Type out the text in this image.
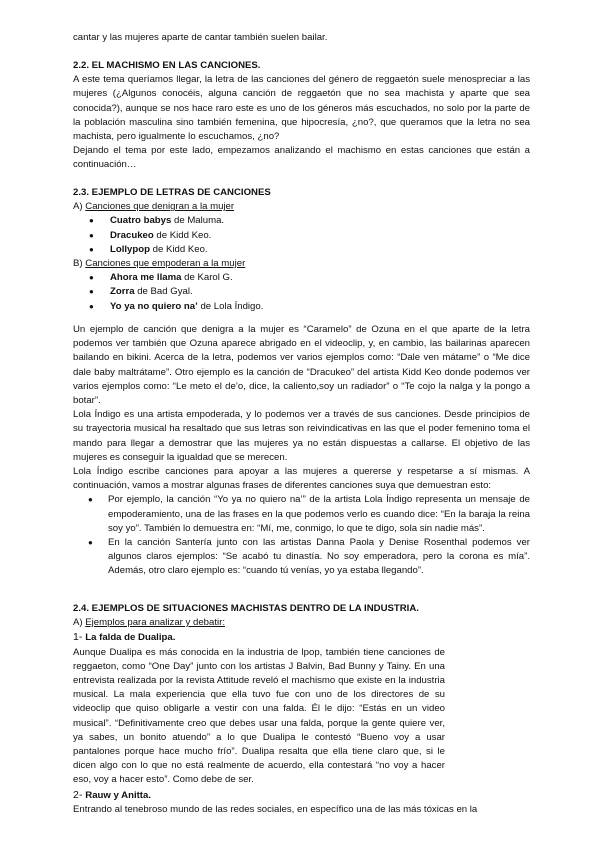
cantar y las mujeres aparte de cantar también suelen bailar.

2.2. EL MACHISMO EN LAS CANCIONES.

A este tema queríamos llegar, la letra de las canciones del género de reggaetón suele menospreciar a las mujeres (¿Algunos conocéis, alguna canción de reggaetón que no sea machista y aparte que sea conocida?), aunque se nos hace raro este es uno de los géneros más escuchados, no solo por la parte de la población masculina sino también femenina, que hipocresía, ¿no?, que queramos que la letra no sea machista, pero igualmente lo escuchamos, ¿no?

Dejando el tema por este lado, empezamos analizando el machismo en estas canciones que están a continuación…

2.3. EJEMPLO DE LETRAS DE CANCIONES

A) Canciones que denigran a la mujer

● Cuatro babys de Maluma.
● Dracukeo de Kidd Keo.
● Lollypop de Kidd Keo.

B) Canciones que empoderan a la mujer

● Ahora me llama de Karol G.
● Zorra de Bad Gyal.
● Yo ya no quiero na’ de Lola Índigo.

Un ejemplo de canción que denigra a la mujer es “Caramelo” de Ozuna en el que aparte de la letra podemos ver también que Ozuna aparece abrigado en el videoclip, y, en cambio, las bailarinas aparecen bailando en bikini. Acerca de la letra, podemos ver varios ejemplos como: “Dale ven mátame” o “Me dice dale baby maltrátame”. Otro ejemplo es la canción de “Dracukeo” del artista Kidd Keo donde podemos ver varios ejemplos como: “Le meto el de’o, dice, la caliento,soy un radiador” o “Te cojo la nalga y la pongo a botar”.

Lola Índigo es una artista empoderada, y lo podemos ver a través de sus canciones. Desde principios de su trayectoria musical ha resaltado que sus letras son reivindicativas en las que el poder femenino toma el mando para llegar a demostrar que las mujeres ya no están dispuestas a callarse. El objetivo de las mujeres es conseguir la igualdad que se merecen.

Lola Índigo escribe canciones para apoyar a las mujeres a quererse y respetarse a sí mismas. A continuación, vamos a mostrar algunas frases de diferentes canciones suya que demuestran esto:

● Por ejemplo, la canción “Yo ya no quiero na’” de la artista Lola Índigo representa un mensaje de empoderamiento, una de las frases en la que podemos verlo es cuando dice: “En la baraja la reina soy yo”. También lo demuestra en: “Mí, me, conmigo, lo que te digo, sola sin nadie más”.
● En la canción Santería junto con las artistas Danna Paola y Denise Rosenthal podemos ver algunos claros ejemplos: “Se acabó tu dinastía. No soy emperadora, pero la corona es mía”. Además, otro claro ejemplo es: “cuando tú venías, yo ya estaba llegando”.

2.4. EJEMPLOS DE SITUACIONES MACHISTAS DENTRO DE LA INDUSTRIA.

A) Ejemplos para analizar y debatir:

1- La falda de Dualipa.

Aunque Dualipa es más conocida en la industria de lpop, también tiene canciones de reggaeton, como “One Day” junto con los artistas J Balvin, Bad Bunny y Tainy. En una entrevista realizada por la revista Attitude reveló el machismo que existe en la industria musical. La mala experiencia que ella tuvo fue con uno de los directores de su videoclip que quiso obligarle a vestir con una falda. Él le dijo: “Estás en un video musical”. “Definitivamente creo que debes usar una falda, porque la gente quiere ver, ya sabes, un bonito atuendo” a lo que Dualipa le contestó “Bueno voy a usar pantalones porque hace mucho frío”. Dualipa resalta que ella tiene claro que, si le dicen algo con lo que no está realmente de acuerdo, ella contestará “no voy a hacer eso, voy a hacer esto”. Como debe de ser.

2- Rauw y Anitta.

Entrando al tenebroso mundo de las redes sociales, en específico una de las más tóxicas en la
